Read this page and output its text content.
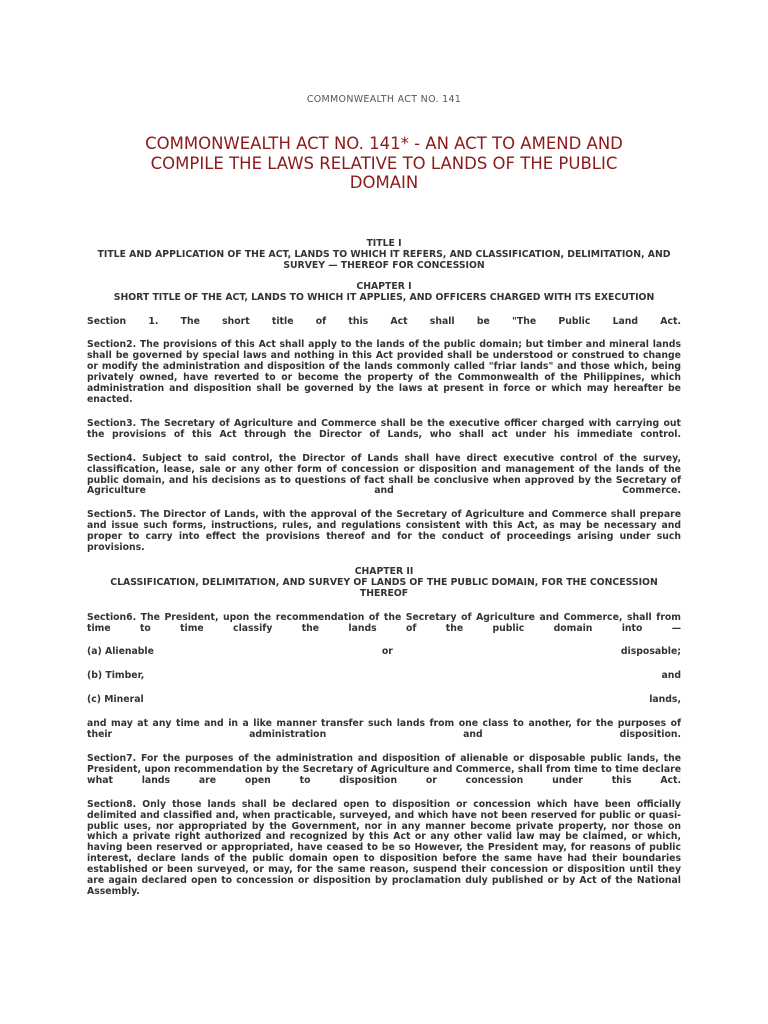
COMMONWEALTH ACT NO. 141
COMMONWEALTH ACT NO. 141* - AN ACT TO AMEND AND COMPILE THE LAWS RELATIVE TO LANDS OF THE PUBLIC DOMAIN
TITLE I
TITLE AND APPLICATION OF THE ACT, LANDS TO WHICH IT REFERS, AND CLASSIFICATION, DELIMITATION, AND SURVEY — THEREOF FOR CONCESSION
CHAPTER I
SHORT TITLE OF THE ACT, LANDS TO WHICH IT APPLIES, AND OFFICERS CHARGED WITH ITS EXECUTION

Section 1. The short title of this Act shall be "The Public Land Act.

Section2. The provisions of this Act shall apply to the lands of the public domain; but timber and mineral lands shall be governed by special laws and nothing in this Act provided shall be understood or construed to change or modify the administration and disposition of the lands commonly called "friar lands" and those which, being privately owned, have reverted to or become the property of the Commonwealth of the Philippines, which administration and disposition shall be governed by the laws at present in force or which may hereafter be enacted.

Section3. The Secretary of Agriculture and Commerce shall be the executive officer charged with carrying out the provisions of this Act through the Director of Lands, who shall act under his immediate control.

Section4. Subject to said control, the Director of Lands shall have direct executive control of the survey, classification, lease, sale or any other form of concession or disposition and management of the lands of the public domain, and his decisions as to questions of fact shall be conclusive when approved by the Secretary of Agriculture and Commerce.

Section5. The Director of Lands, with the approval of the Secretary of Agriculture and Commerce shall prepare and issue such forms, instructions, rules, and regulations consistent with this Act, as may be necessary and proper to carry into effect the provisions thereof and for the conduct of proceedings arising under such provisions.

CHAPTER II
CLASSIFICATION, DELIMITATION, AND SURVEY OF LANDS OF THE PUBLIC DOMAIN, FOR THE CONCESSION THEREOF

Section6. The President, upon the recommendation of the Secretary of Agriculture and Commerce, shall from time to time classify the lands of the public domain into —

(a) Alienable	or	disposable;
(b) Timber,	and
(c) Mineral	lands,

and may at any time and in a like manner transfer such lands from one class to another, for the purposes of their administration and disposition.

Section7. For the purposes of the administration and disposition of alienable or disposable public lands, the President, upon recommendation by the Secretary of Agriculture and Commerce, shall from time to time declare what lands are open to disposition or concession under this Act.

Section8. Only those lands shall be declared open to disposition or concession which have been officially delimited and classified and, when practicable, surveyed, and which have not been reserved for public or quasi-public uses, nor appropriated by the Government, nor in any manner become private property, nor those on which a private right authorized and recognized by this Act or any other valid law may be claimed, or which, having been reserved or appropriated, have ceased to be so However, the President may, for reasons of public interest, declare lands of the public domain open to disposition before the same have had their boundaries established or been surveyed, or may, for the same reason, suspend their concession or disposition until they are again declared open to concession or disposition by proclamation duly published or by Act of the National Assembly.
